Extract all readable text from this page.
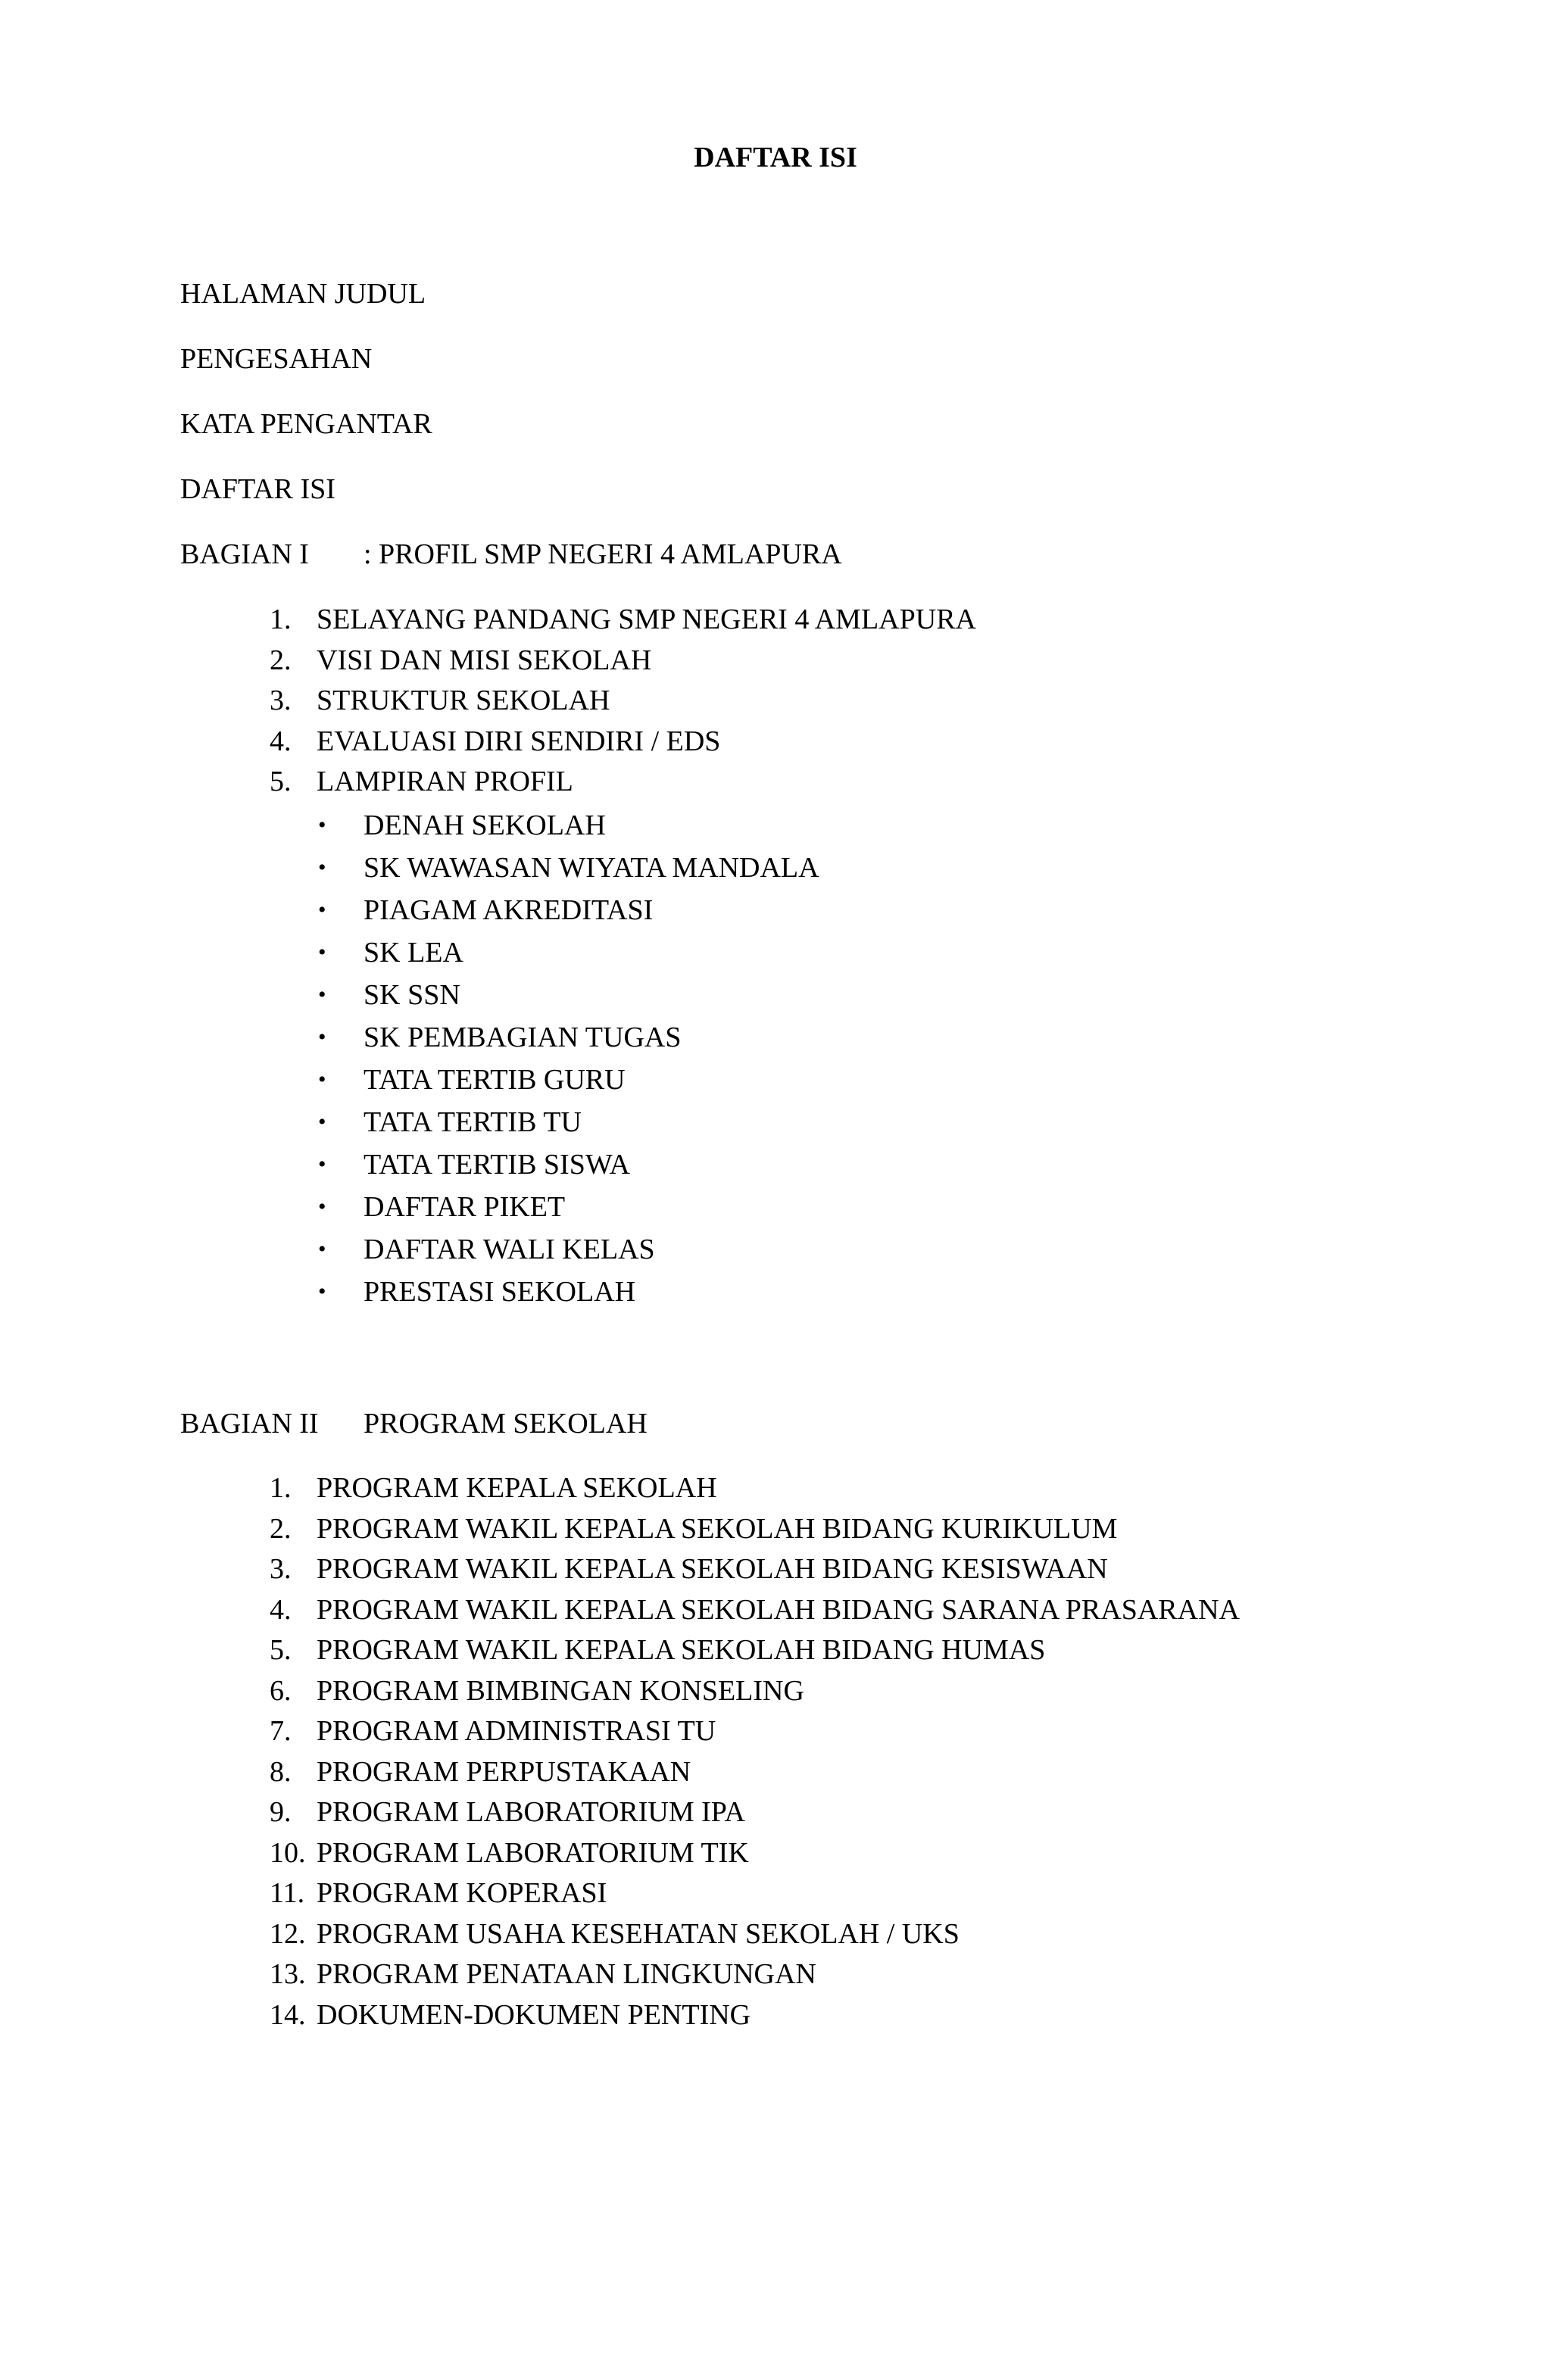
DAFTAR ISI
HALAMAN JUDUL
PENGESAHAN
KATA PENGANTAR
DAFTAR ISI
BAGIAN I : PROFIL SMP NEGERI 4 AMLAPURA
1. SELAYANG PANDANG SMP NEGERI 4 AMLAPURA
2. VISI DAN MISI SEKOLAH
3. STRUKTUR SEKOLAH
4. EVALUASI DIRI SENDIRI / EDS
5. LAMPIRAN PROFIL
• DENAH SEKOLAH
• SK WAWASAN WIYATA MANDALA
• PIAGAM AKREDITASI
• SK LEA
• SK SSN
• SK PEMBAGIAN TUGAS
• TATA TERTIB GURU
• TATA TERTIB TU
• TATA TERTIB SISWA
• DAFTAR PIKET
• DAFTAR WALI KELAS
• PRESTASI SEKOLAH
BAGIAN II PROGRAM SEKOLAH
1. PROGRAM KEPALA SEKOLAH
2. PROGRAM WAKIL KEPALA SEKOLAH BIDANG KURIKULUM
3. PROGRAM WAKIL KEPALA SEKOLAH BIDANG KESISWAAN
4. PROGRAM WAKIL KEPALA SEKOLAH BIDANG SARANA PRASARANA
5. PROGRAM WAKIL KEPALA SEKOLAH BIDANG HUMAS
6. PROGRAM BIMBINGAN KONSELING
7. PROGRAM ADMINISTRASI TU
8. PROGRAM PERPUSTAKAAN
9. PROGRAM LABORATORIUM IPA
10. PROGRAM LABORATORIUM TIK
11. PROGRAM KOPERASI
12. PROGRAM USAHA KESEHATAN SEKOLAH / UKS
13. PROGRAM PENATAAN LINGKUNGAN
14. DOKUMEN-DOKUMEN PENTING
